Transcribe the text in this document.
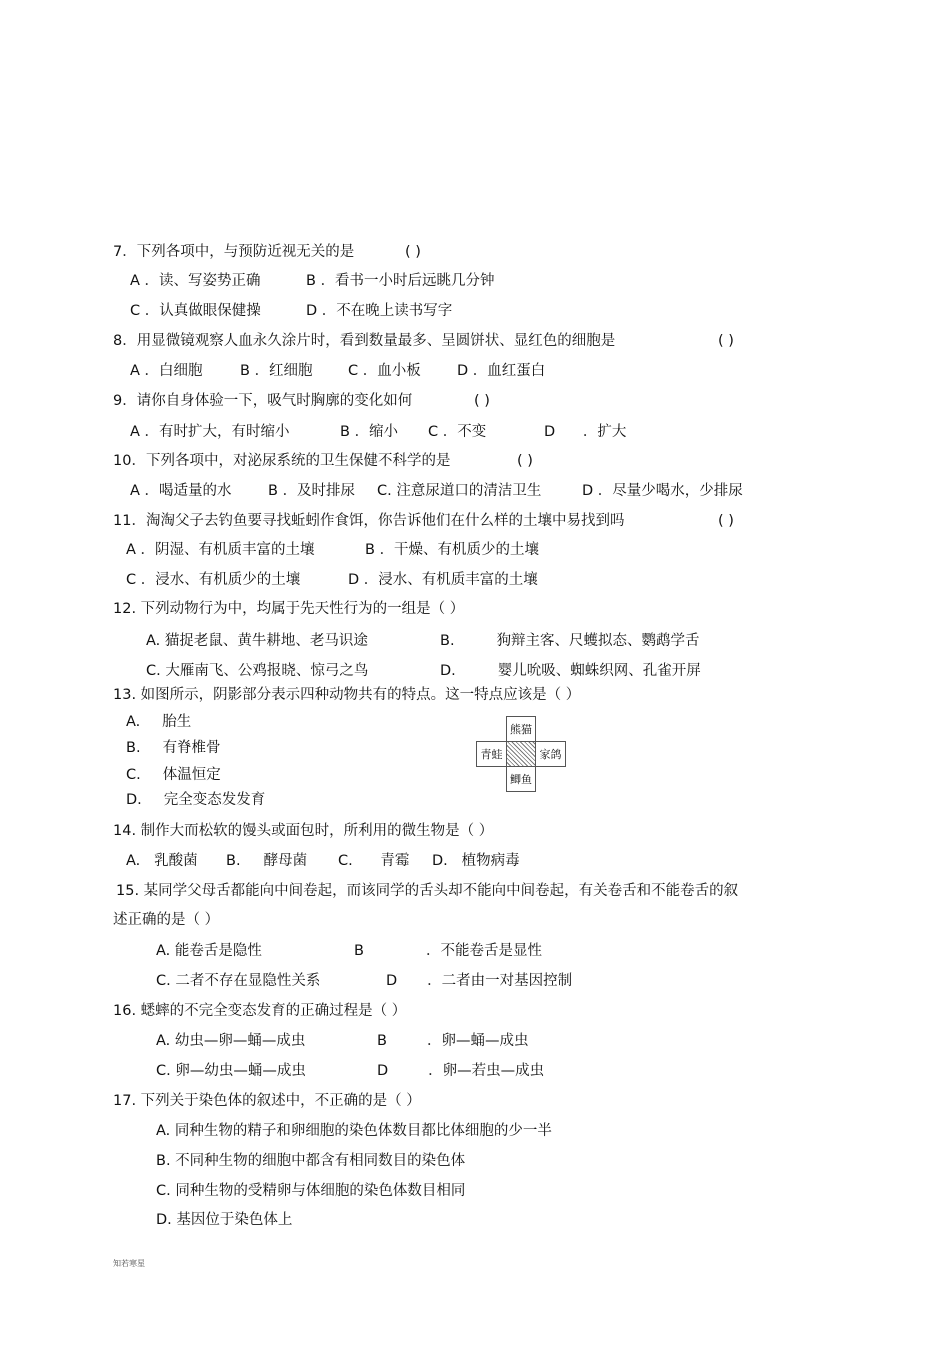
7．下列各项中，与预防近视无关的是	( )
A ．读、写姿势正确	B ．看书一小时后远眺几分钟
C ．认真做眼保健操	D ．不在晚上读书写字
8．用显微镜观察人血永久涂片时，看到数量最多、呈圆饼状、显红色的细胞是	( )
A ．白细胞	B ．红细胞 C ．血小板	D ．血红蛋白
9．请你自身体验一下，吸气时胸廓的变化如何	( )
A ．有时扩大，有时缩小	B ．缩小 C ．不变	D ．扩大
10．下列各项中，对泌尿系统的卫生保健不科学的是	( )
A ．喝适量的水	B ．及时排尿 C. 注意尿道口的清洁卫生	D ．尽量少喝水，少排尿
11．淘淘父子去钓鱼要寻找蚯蚓作食饵，你告诉他们在什么样的土壤中易找到吗	( )
A ．阴湿、有机质丰富的土壤	B ．干燥、有机质少的土壤
C ．浸水、有机质少的土壤	D ．浸水、有机质丰富的土壤
12. 下列动物行为中，均属于先天性行为的一组是（ ）
A. 猫捉老鼠、黄牛耕地、老马识途	B.	狗辩主客、尺蠖拟态、鹦鹉学舌
C. 大雁南飞、公鸡报晓、惊弓之鸟	D.	婴儿吮吸、蜘蛛织网、孔雀开屏
13. 如图所示，阴影部分表示四种动物共有的特点。这一特点应该是（ ）
A. 胎生
B. 有脊椎骨
C. 体温恒定
D. 完全变态发发育
熊猫
青蛙	家鸽
鲫鱼
14. 制作大而松软的馒头或面包时，所利用的微生物是（ ）
A. 乳酸菌 B. 酵母菌 C. 青霉 D. 植物病毒
15. 某同学父母舌都能向中间卷起，而该同学的舌头却不能向中间卷起，有关卷舌和不能卷舌的叙
述正确的是（ ）
A. 能卷舌是隐性	B	．不能卷舌是显性
C. 二者不存在显隐性关系	D ．二者由一对基因控制
16. 蟋蟀的不完全变态发育的正确过程是（ ）
A. 幼虫—卵—蛹—成虫	B	．卵—蛹—成虫
C. 卵—幼虫—蛹—成虫	D	．卵—若虫—成虫
17. 下列关于染色体的叙述中，不正确的是（ ）
A. 同种生物的精子和卵细胞的染色体数目都比体细胞的少一半
B. 不同种生物的细胞中都含有相同数目的染色体
C. 同种生物的受精卵与体细胞的染色体数目相同
D. 基因位于染色体上
知若寒星
